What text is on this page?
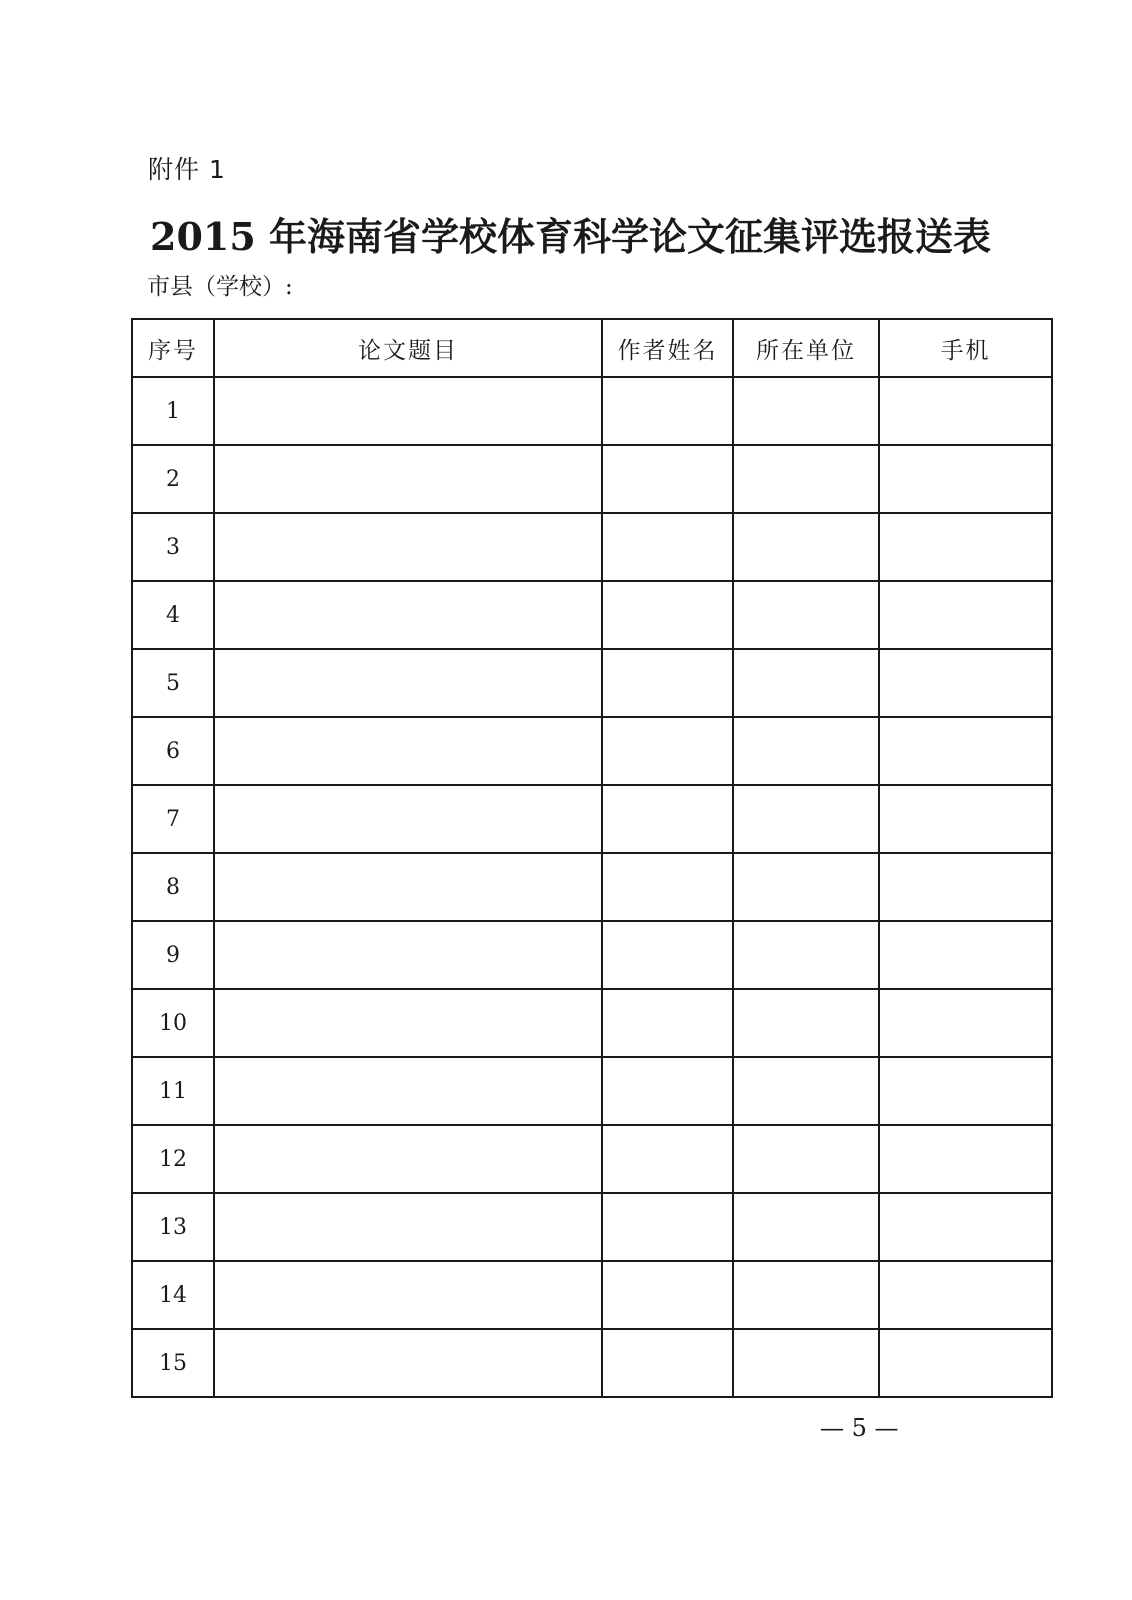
附件 1
2015 年海南省学校体育科学论文征集评选报送表
市县（学校）:
序号	论文题目	作者姓名	所在单位	手机
1				
2				
3				
4				
5				
6				
7				
8				
9				
10				
11				
12				
13				
14				
15				
— 5 —
